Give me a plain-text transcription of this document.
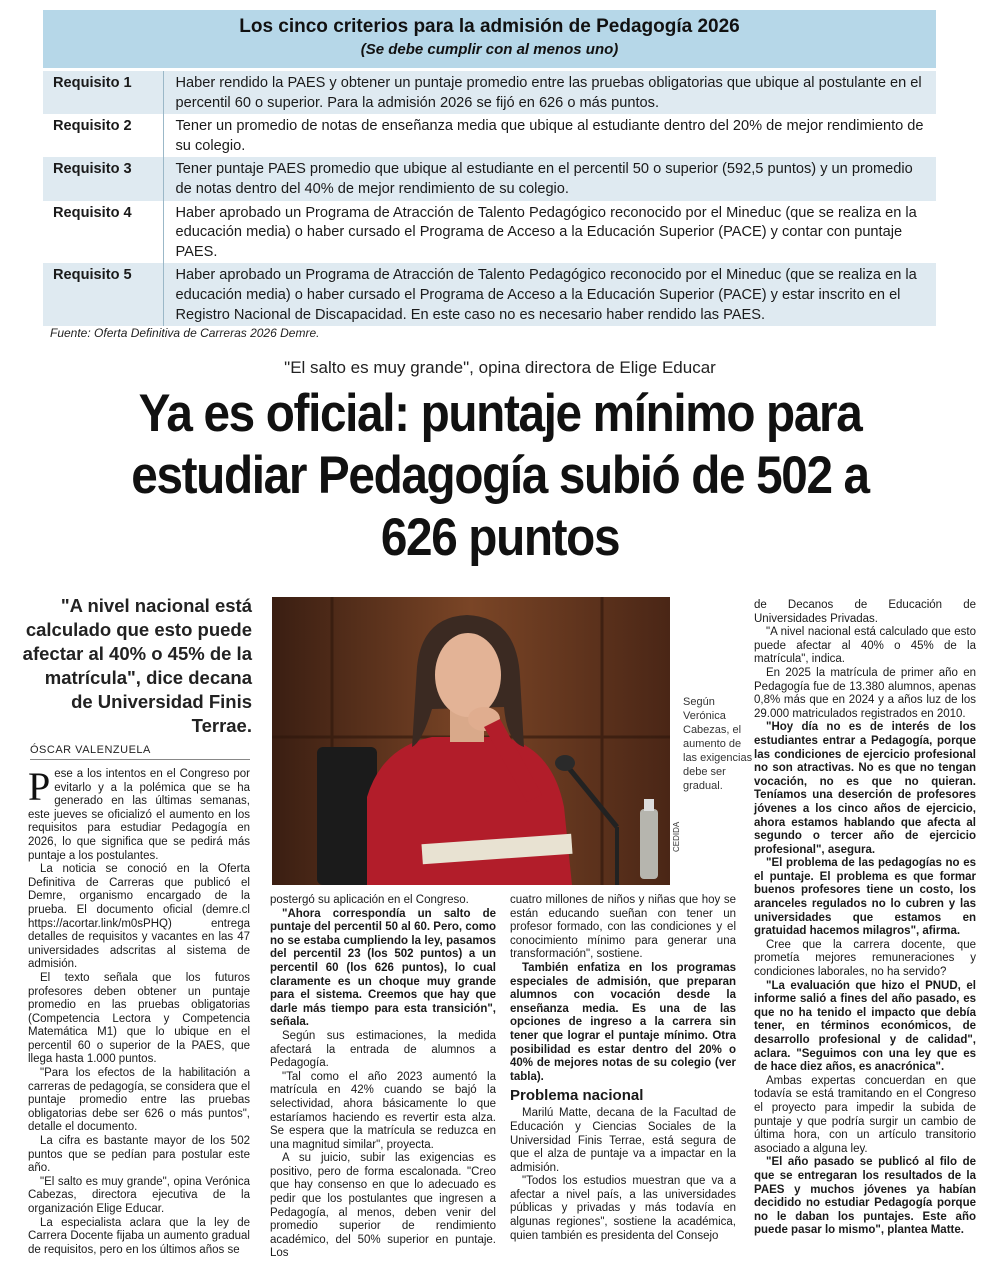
Los cinco criterios para la admisión de Pedagogía 2026
(Se debe cumplir con al menos uno)
Requisito 1	Haber rendido la PAES y obtener un puntaje promedio entre las pruebas obligatorias que ubique al postulante en el percentil 60 o superior. Para la admisión 2026 se fijó en 626 o más puntos.
Requisito 2	Tener un promedio de notas de enseñanza media que ubique al estudiante dentro del 20% de mejor rendimiento de su colegio.
Requisito 3	Tener puntaje PAES promedio que ubique al estudiante en el percentil 50 o superior (592,5 puntos) y un promedio de notas dentro del 40% de mejor rendimiento de su colegio.
Requisito 4	Haber aprobado un Programa de Atracción de Talento Pedagógico reconocido por el Mineduc (que se realiza en la educación media) o haber cursado el Programa de Acceso a la Educación Superior (PACE) y contar con puntaje PAES.
Requisito 5	Haber aprobado un Programa de Atracción de Talento Pedagógico reconocido por el Mineduc (que se realiza en la educación media) o haber cursado el Programa de Acceso a la Educación Superior (PACE) y estar inscrito en el Registro Nacional de Discapacidad. En este caso no es necesario haber rendido las PAES.
Fuente: Oferta Definitiva de Carreras 2026 Demre.
"El salto es muy grande", opina directora de Elige Educar
Ya es oficial: puntaje mínimo para estudiar Pedagogía subió de 502 a 626 puntos
"A nivel nacional está calculado que esto puede afectar al 40% o 45% de la matrícula", dice decana de Universidad Finis Terrae.
CEDIDA
Según Verónica Cabezas, el aumento de las exigencias debe ser gradual.
ÓSCAR VALENZUELA

Pese a los intentos en el Congreso por evitarlo y a la polémica que se ha generado en las últimas semanas, este jueves se oficializó el aumento en los requisitos para estudiar Pedagogía en 2026, lo que significa que se pedirá más puntaje a los postulantes.

La noticia se conoció en la Oferta Definitiva de Carreras que publicó el Demre, organismo encargado de la prueba. El documento oficial (demre.cl https://acortar.link/m0sPHQ) entrega detalles de requisitos y vacantes en las 47 universidades adscritas al sistema de admisión.

El texto señala que los futuros profesores deben obtener un puntaje promedio en las pruebas obligatorias (Competencia Lectora y Competencia Matemática M1) que lo ubique en el percentil 60 o superior de la PAES, que llega hasta 1.000 puntos.

"Para los efectos de la habilitación a carreras de pedagogía, se considera que el puntaje promedio entre las pruebas obligatorias debe ser 626 o más puntos", detalle el documento.

La cifra es bastante mayor de los 502 puntos que se pedían para postular este año.

"El salto es muy grande", opina Verónica Cabezas, directora ejecutiva de la organización Elige Educar.

La especialista aclara que la ley de Carrera Docente fijaba un aumento gradual de requisitos, pero en los últimos años se

postergó su aplicación en el Congreso.

"Ahora correspondía un salto de puntaje del percentil 50 al 60. Pero, como no se estaba cumpliendo la ley, pasamos del percentil 23 (los 502 puntos) a un percentil 60 (los 626 puntos), lo cual claramente es un choque muy grande para el sistema. Creemos que hay que darle más tiempo para esta transición", señala.

Según sus estimaciones, la medida afectará la entrada de alumnos a Pedagogía.

"Tal como el año 2023 aumentó la matrícula en 42% cuando se bajó la selectividad, ahora básicamente lo que estaríamos haciendo es revertir esta alza. Se espera que la matrícula se reduzca en una magnitud similar", proyecta.

A su juicio, subir las exigencias es positivo, pero de forma escalonada. "Creo que hay consenso en que lo adecuado es pedir que los postulantes que ingresen a Pedagogía, al menos, deben venir del promedio superior de rendimiento académico, del 50% superior en puntaje. Los

cuatro millones de niños y niñas que hoy se están educando sueñan con tener un profesor formado, con las condiciones y el conocimiento mínimo para generar una transformación", sostiene.

También enfatiza en los programas especiales de admisión, que preparan alumnos con vocación desde la enseñanza media. Es una de las opciones de ingreso a la carrera sin tener que lograr el puntaje mínimo. Otra posibilidad es estar dentro del 20% o 40% de mejores notas de su colegio (ver tabla).

Problema nacional

Marilú Matte, decana de la Facultad de Educación y Ciencias Sociales de la Universidad Finis Terrae, está segura de que el alza de puntaje va a impactar en la admisión.

"Todos los estudios muestran que va a afectar a nivel país, a las universidades públicas y privadas y más todavía en algunas regiones", sostiene la académica, quien también es presidenta del Consejo

de Decanos de Educación de Universidades Privadas.

"A nivel nacional está calculado que esto puede afectar al 40% o 45% de la matrícula", indica.

En 2025 la matrícula de primer año en Pedagogía fue de 13.380 alumnos, apenas 0,8% más que en 2024 y a años luz de los 29.000 matriculados registrados en 2010.

"Hoy día no es de interés de los estudiantes entrar a Pedagogía, porque las condiciones de ejercicio profesional no son atractivas. No es que no tengan vocación, no es que no quieran. Teníamos una deserción de profesores jóvenes a los cinco años de ejercicio, ahora estamos hablando que afecta al segundo o tercer año de ejercicio profesional", asegura.

"El problema de las pedagogías no es el puntaje. El problema es que formar buenos profesores tiene un costo, los aranceles regulados no lo cubren y las universidades que estamos en gratuidad hacemos milagros", afirma.

Cree que la carrera docente, que prometía mejores remuneraciones y condiciones laborales, no ha servido?

"La evaluación que hizo el PNUD, el informe salió a fines del año pasado, es que no ha tenido el impacto que debía tener, en términos económicos, de desarrollo profesional y de calidad", aclara. "Seguimos con una ley que es de hace diez años, es anacrónica".

Ambas expertas concuerdan en que todavía se está tramitando en el Congreso el proyecto para impedir la subida de puntaje y que podría surgir un cambio de última hora, con un artículo transitorio asociado a alguna ley.

"El año pasado se publicó al filo de que se entregaran los resultados de la PAES y muchos jóvenes ya habían decidido no estudiar Pedagogía porque no le daban los puntajes. Este año puede pasar lo mismo", plantea Matte.
